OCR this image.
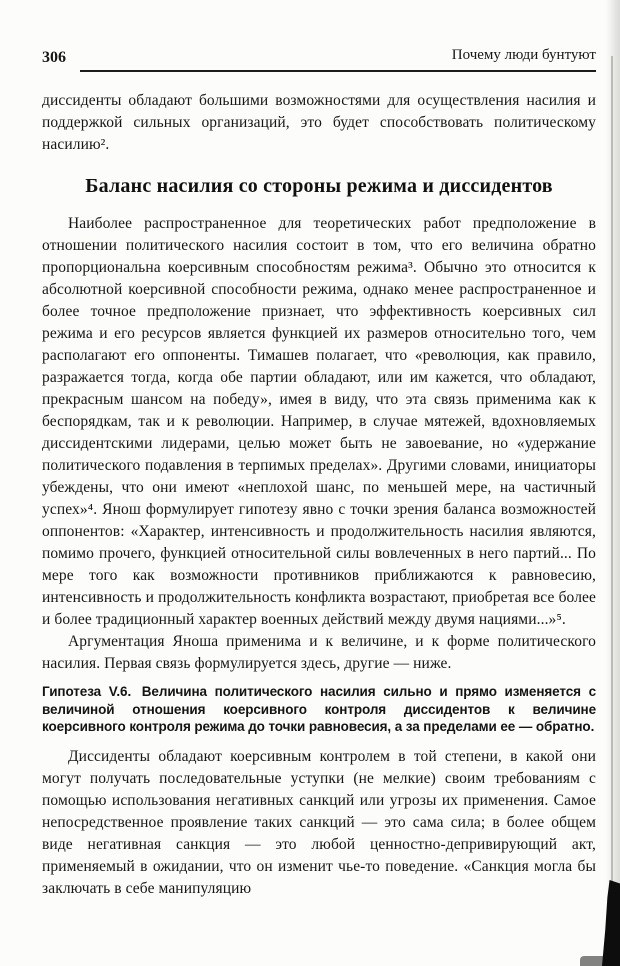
306	Почему люди бунтуют

диссиденты обладают большими возможностями для осуществления насилия и поддержкой сильных организаций, это будет способствовать политическому насилию².

Баланс насилия со стороны режима и диссидентов

Наиболее распространенное для теоретических работ предположение в отношении политического насилия состоит в том, что его величина обратно пропорциональна коерсивным способностям режима³. Обычно это относится к абсолютной коерсивной способности режима, однако менее распространенное и более точное предположение признает, что эффективность коерсивных сил режима и его ресурсов является функцией их размеров относительно того, чем располагают его оппоненты. Тимашев полагает, что «революция, как правило, разражается тогда, когда обе партии обладают, или им кажется, что обладают, прекрасным шансом на победу», имея в виду, что эта связь применима как к беспорядкам, так и к революции. Например, в случае мятежей, вдохновляемых диссидентскими лидерами, целью может быть не завоевание, но «удержание политического подавления в терпимых пределах». Другими словами, инициаторы убеждены, что они имеют «неплохой шанс, по меньшей мере, на частичный успех»⁴. Янош формулирует гипотезу явно с точки зрения баланса возможностей оппонентов: «Характер, интенсивность и продолжительность насилия являются, помимо прочего, функцией относительной силы вовлеченных в него партий... По мере того как возможности противников приближаются к равновесию, интенсивность и продолжительность конфликта возрастают, приобретая все более и более традиционный характер военных действий между двумя нациями...»⁵.

Аргументация Яноша применима и к величине, и к форме политического насилия. Первая связь формулируется здесь, другие — ниже.

Гипотеза V.6. Величина политического насилия сильно и прямо изменяется с величиной отношения коерсивного контроля диссидентов к величине коерсивного контроля режима до точки равновесия, а за пределами ее — обратно.

Диссиденты обладают коерсивным контролем в той степени, в какой они могут получать последовательные уступки (не мелкие) своим требованиям с помощью использования негативных санкций или угрозы их применения. Самое непосредственное проявление таких санкций — это сама сила; в более общем виде негативная санкция — это любой ценностно-депривирующий акт, применяемый в ожидании, что он изменит чье-то поведение. «Санкция могла бы заключать в себе манипуляцию
